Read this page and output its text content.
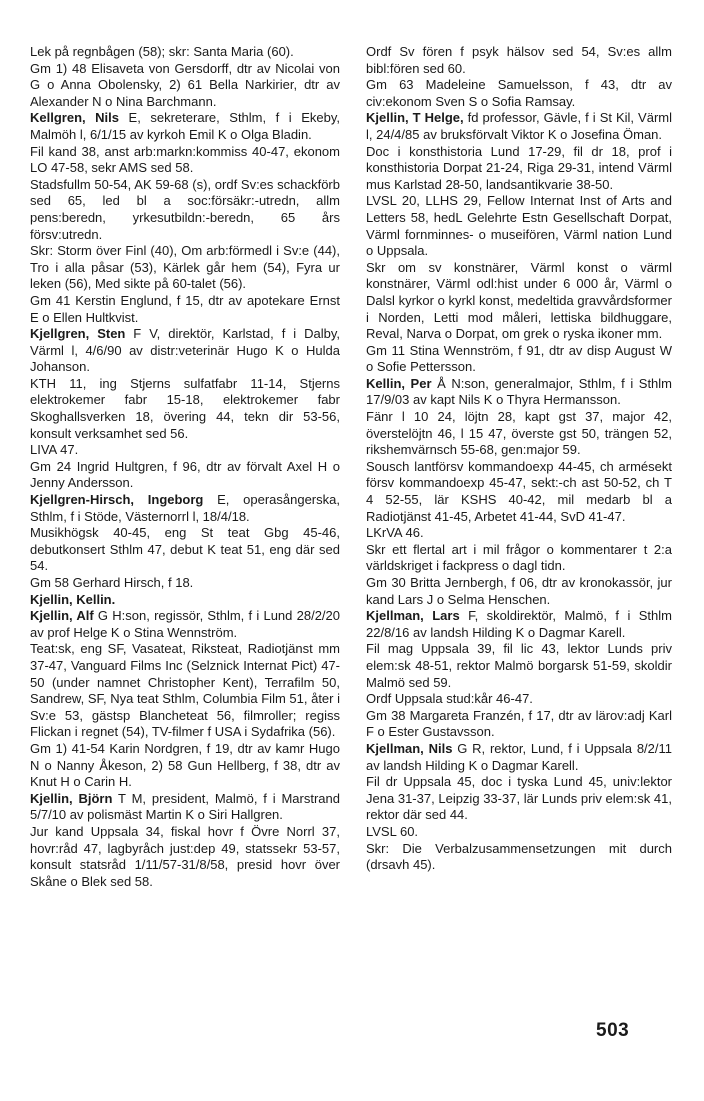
Lek på regnbågen (58); skr: Santa Maria (60).

Gm 1) 48 Elisaveta von Gersdorff, dtr av Nicolai von G o Anna Obolensky, 2) 61 Bella Narkirier, dtr av Alexander N o Nina Barchmann.

Kellgren, Nils E, sekreterare, Sthlm, f i Ekeby, Malmöh l, 6/1/15 av kyrkoh Emil K o Olga Bladin.

Fil kand 38, anst arb:markn:kommiss 40-47, ekonom LO 47-58, sekr AMS sed 58.

Stadsfullm 50-54, AK 59-68 (s), ordf Sv:es schackförb sed 65, led bl a soc:försäkr:-utredn, allm pens:beredn, yrkesutbildn:-beredn, 65 års försv:utredn.

Skr: Storm över Finl (40), Om arb:förmedl i Sv:e (44), Tro i alla påsar (53), Kärlek går hem (54), Fyra ur leken (56), Med sikte på 60-talet (56).

Gm 41 Kerstin Englund, f 15, dtr av apotekare Ernst E o Ellen Hultkvist.

Kjellgren, Sten F V, direktör, Karlstad, f i Dalby, Värml l, 4/6/90 av distr:veterinär Hugo K o Hulda Johanson.

KTH 11, ing Stjerns sulfatfabr 11-14, Stjerns elektrokemer fabr 15-18, elektrokemer fabr Skoghallsverken 18, övering 44, tekn dir 53-56, konsult verksamhet sed 56.

LIVA 47.

Gm 24 Ingrid Hultgren, f 96, dtr av förvalt Axel H o Jenny Andersson.

Kjellgren-Hirsch, Ingeborg E, operasångerska, Sthlm, f i Stöde, Västernorrl l, 18/4/18.

Musikhögsk 40-45, eng St teat Gbg 45-46, debutkonsert Sthlm 47, debut K teat 51, eng där sed 54.

Gm 58 Gerhard Hirsch, f 18.

Kjellin, Kellin.

Kjellin, Alf G H:son, regissör, Sthlm, f i Lund 28/2/20 av prof Helge K o Stina Wennström.

Teat:sk, eng SF, Vasateat, Riksteat, Radiotjänst mm 37-47, Vanguard Films Inc (Selznick Internat Pict) 47-50 (under namnet Christopher Kent), Terrafilm 50, Sandrew, SF, Nya teat Sthlm, Columbia Film 51, åter i Sv:e 53, gästsp Blancheteat 56, filmroller; regiss Flickan i regnet (54), TV-filmer f USA i Sydafrika (56).

Gm 1) 41-54 Karin Nordgren, f 19, dtr av kamr Hugo N o Nanny Åkeson, 2) 58 Gun Hellberg, f 38, dtr av Knut H o Carin H.

Kjellin, Björn T M, president, Malmö, f i Marstrand 5/7/10 av polismäst Martin K o Siri Hallgren.

Jur kand Uppsala 34, fiskal hovr f Övre Norrl 37, hovr:råd 47, lagbyråch just:dep 49, statssekr 53-57, konsult statsråd 1/11/57-31/8/58, presid hovr över Skåne o Blek sed 58.

Ordf Sv fören f psyk hälsov sed 54, Sv:es allm bibl:fören sed 60.

Gm 63 Madeleine Samuelsson, f 43, dtr av civ:ekonom Sven S o Sofia Ramsay.

Kjellin, T Helge, fd professor, Gävle, f i St Kil, Värml l, 24/4/85 av bruksförvalt Viktor K o Josefina Öman.

Doc i konsthistoria Lund 17-29, fil dr 18, prof i konsthistoria Dorpat 21-24, Riga 29-31, intend Värml mus Karlstad 28-50, landsantikvarie 38-50.

LVSL 20, LLHS 29, Fellow Internat Inst of Arts and Letters 58, hedL Gelehrte Estn Gesellschaft Dorpat, Värml fornminnes- o museifören, Värml nation Lund o Uppsala.

Skr om sv konstnärer, Värml konst o värml konstnärer, Värml odl:hist under 6 000 år, Värml o Dalsl kyrkor o kyrkl konst, medeltida gravvårdsformer i Norden, Letti mod måleri, lettiska bildhuggare, Reval, Narva o Dorpat, om grek o ryska ikoner mm.

Gm 11 Stina Wennström, f 91, dtr av disp August W o Sofie Pettersson.

Kellin, Per Å N:son, generalmajor, Sthlm, f i Sthlm 17/9/03 av kapt Nils K o Thyra Hermansson.

Fänr l 10 24, löjtn 28, kapt gst 37, major 42, överstelöjtn 46, l 15 47, överste gst 50, trängen 52, rikshemvärnsch 55-68, gen:major 59.

Sousch lantförsv kommandoexp 44-45, ch armésekt försv kommandoexp 45-47, sekt:-ch ast 50-52, ch T 4 52-55, lär KSHS 40-42, mil medarb bl a Radiotjänst 41-45, Arbetet 41-44, SvD 41-47.

LKrVA 46.

Skr ett flertal art i mil frågor o kommentarer t 2:a världskriget i fackpress o dagl tidn.

Gm 30 Britta Jernbergh, f 06, dtr av kronokassör, jur kand Lars J o Selma Henschen.

Kjellman, Lars F, skoldirektör, Malmö, f i Sthlm 22/8/16 av landsh Hilding K o Dagmar Karell.

Fil mag Uppsala 39, fil lic 43, lektor Lunds priv elem:sk 48-51, rektor Malmö borgarsk 51-59, skoldir Malmö sed 59.

Ordf Uppsala stud:kår 46-47.

Gm 38 Margareta Franzén, f 17, dtr av lärov:adj Karl F o Ester Gustavsson.

Kjellman, Nils G R, rektor, Lund, f i Uppsala 8/2/11 av landsh Hilding K o Dagmar Karell.

Fil dr Uppsala 45, doc i tyska Lund 45, univ:lektor Jena 31-37, Leipzig 33-37, lär Lunds priv elem:sk 41, rektor där sed 44.

LVSL 60.

Skr: Die Verbalzusammensetzungen mit durch (drsavh 45).

503
